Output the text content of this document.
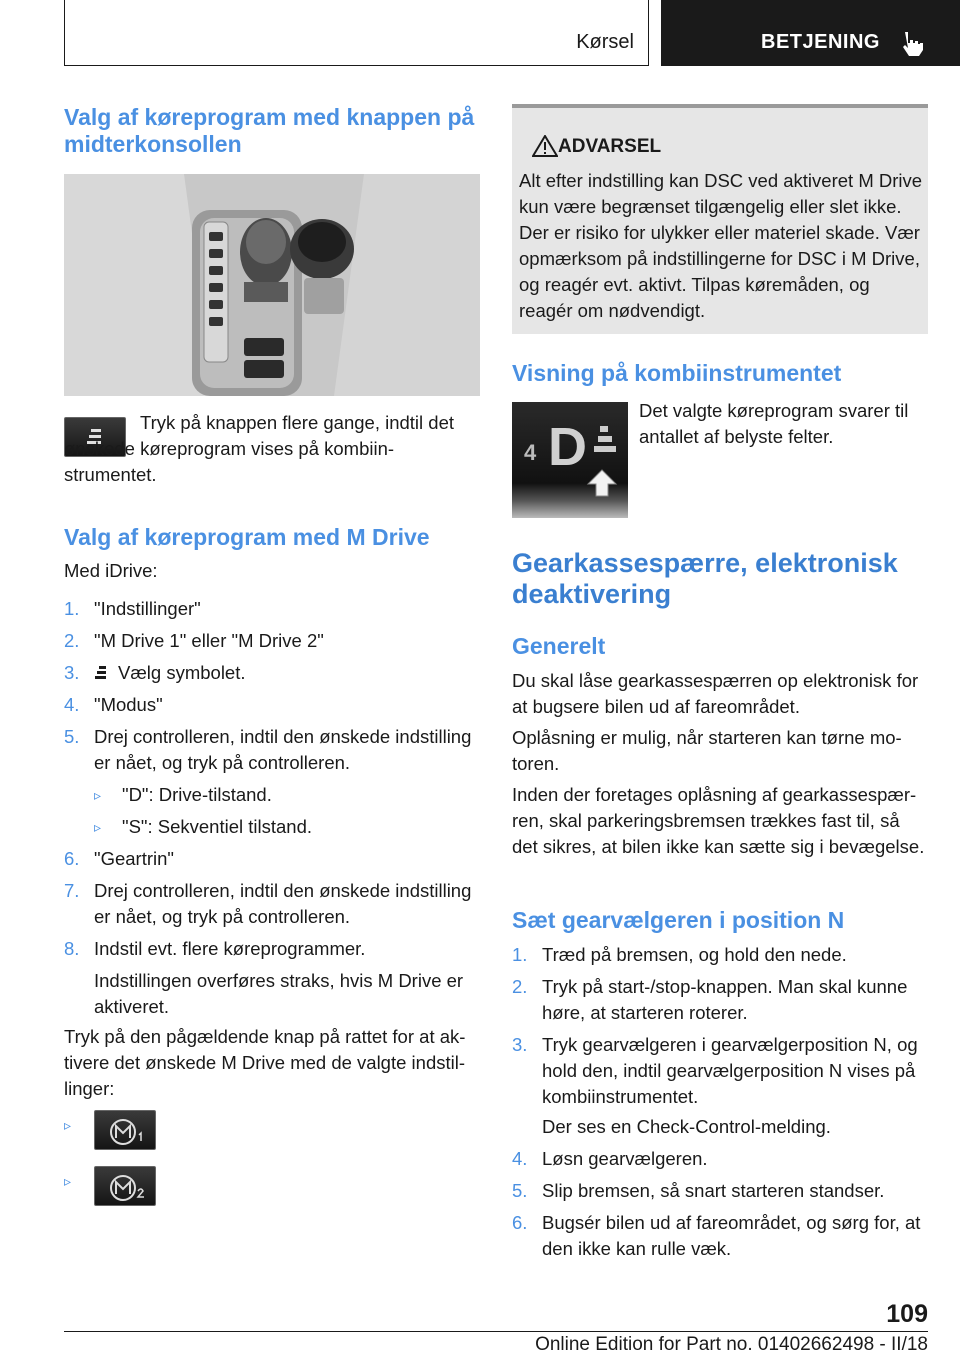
Kørsel	BETJENING
Valg af køreprogram med knappen på midterkonsollen

Tryk på knappen flere gange, indtil det ønskede køreprogram vises på kombiinstrumentet.

Valg af køreprogram med M Drive

Med iDrive:

1. "Indstillinger"
2. "M Drive 1" eller "M Drive 2"
3. Vælg symbolet.
4. "Modus"
5. Drej controlleren, indtil den ønskede indstilling er nået, og tryk på controlleren.
▹ "D": Drive-tilstand.
▹ "S": Sekventiel tilstand.
6. "Geartrin"
7. Drej controlleren, indtil den ønskede indstilling er nået, og tryk på controlleren.
8. Indstil evt. flere køreprogrammer.

Indstillingen overføres straks, hvis M Drive er aktiveret.

Tryk på den pågældende knap på rattet for at aktivere det ønskede M Drive med de valgte indstillinger:

▹
▹
ADVARSEL

Alt efter indstilling kan DSC ved aktiveret M Drive kun være begrænset tilgængelig eller slet ikke. Der er risiko for ulykker eller materiel skade. Vær opmærksom på indstillingerne for DSC i M Drive, og reagér evt. aktivt. Tilpas køremåden, og reagér om nødvendigt.

Visning på kombiinstrumentet
4 D

Det valgte køreprogram svarer til antallet af belyste felter.

Gearkassespærre, elektronisk deaktivering
Generelt

Du skal låse gearkassespærren op elektronisk for at bugsere bilen ud af fareområdet.

Oplåsning er mulig, når starteren kan tørne motoren.

Inden der foretages oplåsning af gearkassespærren, skal parkeringsbremsen trækkes fast til, så det sikres, at bilen ikke kan sætte sig i bevægelse.

Sæt gearvælgeren i position N
1. Træd på bremsen, og hold den nede.
2. Tryk på start-/stop-knappen. Man skal kunne høre, at starteren roterer.
3. Tryk gearvælgeren i gearvælgerposition N, og hold den, indtil gearvælgerposition N vises på kombiinstrumentet.

Der ses en Check-Control-melding.

4. Løsn gearvælgeren.
5. Slip bremsen, så snart starteren standser.
6. Bugsér bilen ud af fareområdet, og sørg for, at den ikke kan rulle væk.
109
Online Edition for Part no. 01402662498 - II/18
